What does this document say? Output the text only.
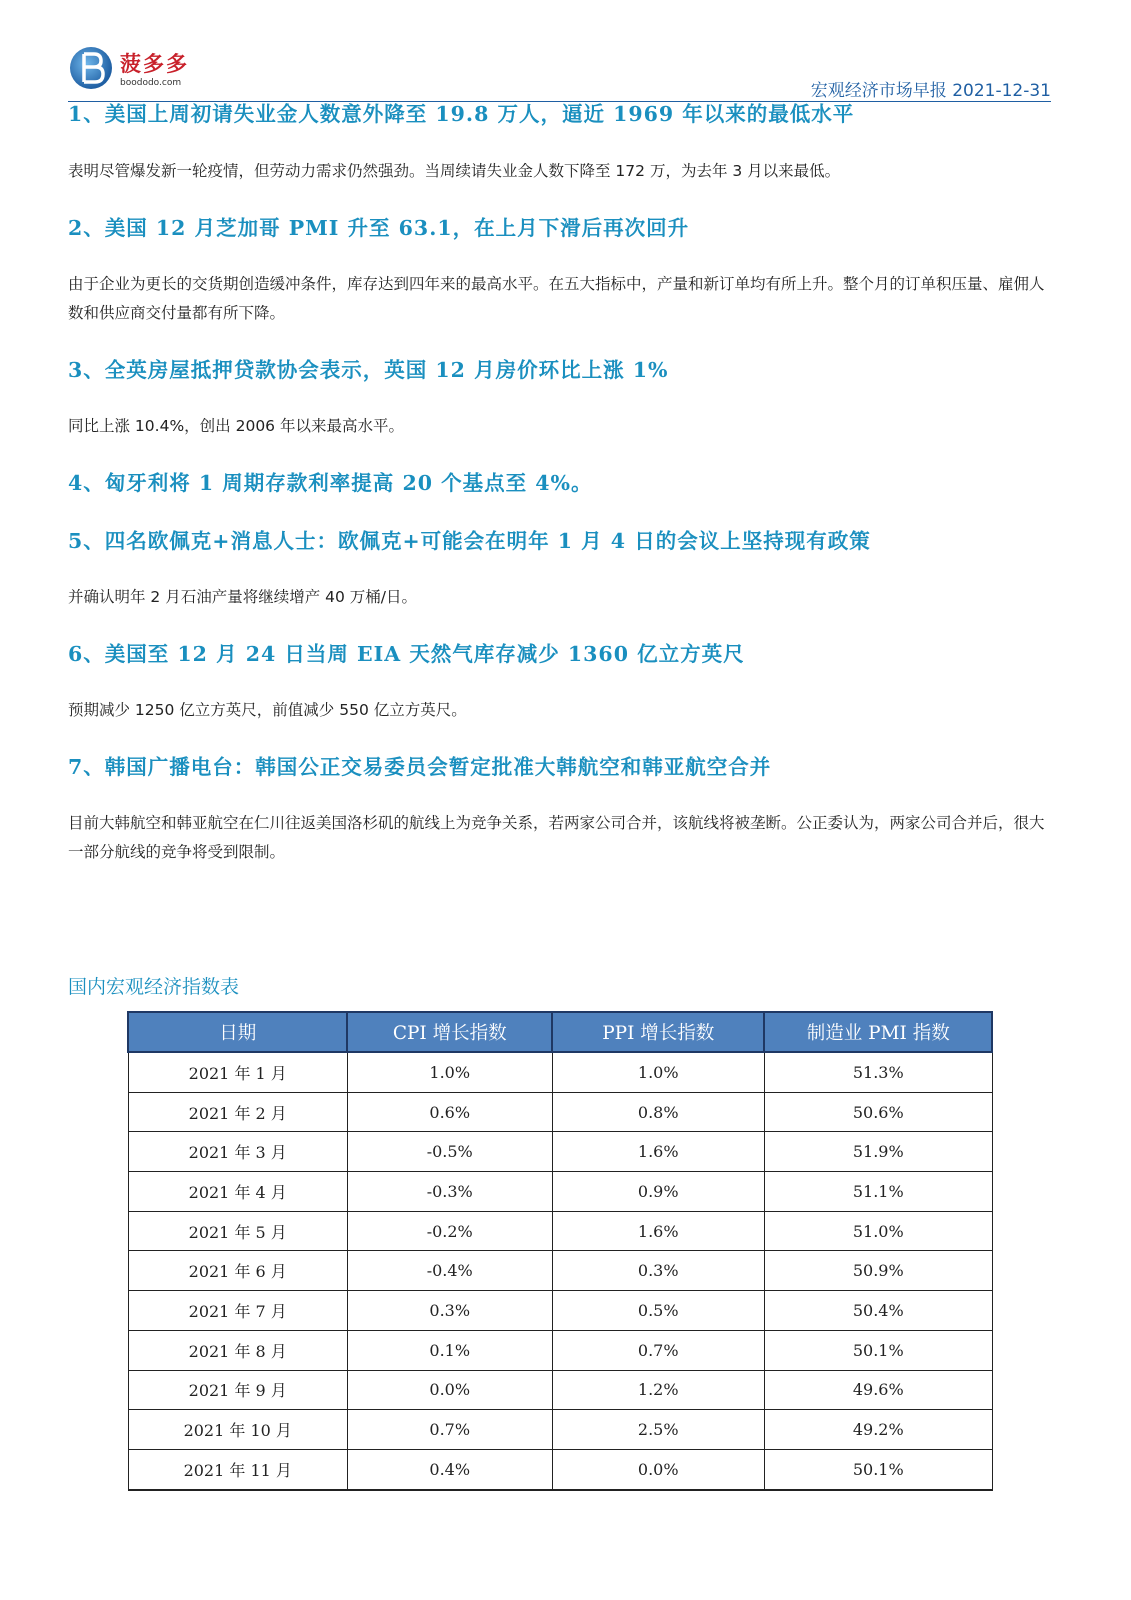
菠多多
boododo.com	宏观经济市场早报 2021-12-31

1、美国上周初请失业金人数意外降至 19.8 万人，逼近 1969 年以来的最低水平

表明尽管爆发新一轮疫情，但劳动力需求仍然强劲。当周续请失业金人数下降至 172 万，为去年 3 月以来最低。

2、美国 12 月芝加哥 PMI 升至 63.1，在上月下滑后再次回升

由于企业为更长的交货期创造缓冲条件，库存达到四年来的最高水平。在五大指标中，产量和新订单均有所上升。整个月的订单积压量、雇佣人数和供应商交付量都有所下降。

3、全英房屋抵押贷款协会表示，英国 12 月房价环比上涨 1%

同比上涨 10.4%，创出 2006 年以来最高水平。

4、匈牙利将 1 周期存款利率提高 20 个基点至 4%。

5、四名欧佩克+消息人士：欧佩克+可能会在明年 1 月 4 日的会议上坚持现有政策

并确认明年 2 月石油产量将继续增产 40 万桶/日。

6、美国至 12 月 24 日当周 EIA 天然气库存减少 1360 亿立方英尺

预期减少 1250 亿立方英尺，前值减少 550 亿立方英尺。

7、韩国广播电台：韩国公正交易委员会暂定批准大韩航空和韩亚航空合并

目前大韩航空和韩亚航空在仁川往返美国洛杉矶的航线上为竞争关系，若两家公司合并，该航线将被垄断。公正委认为，两家公司合并后，很大一部分航线的竞争将受到限制。

国内宏观经济指数表
日期	CPI 增长指数	PPI 增长指数	制造业 PMI 指数
2021 年 1 月	1.0%	1.0%	51.3%
2021 年 2 月	0.6%	0.8%	50.6%
2021 年 3 月	-0.5%	1.6%	51.9%
2021 年 4 月	-0.3%	0.9%	51.1%
2021 年 5 月	-0.2%	1.6%	51.0%
2021 年 6 月	-0.4%	0.3%	50.9%
2021 年 7 月	0.3%	0.5%	50.4%
2021 年 8 月	0.1%	0.7%	50.1%
2021 年 9 月	0.0%	1.2%	49.6%
2021 年 10 月	0.7%	2.5%	49.2%
2021 年 11 月	0.4%	0.0%	50.1%
